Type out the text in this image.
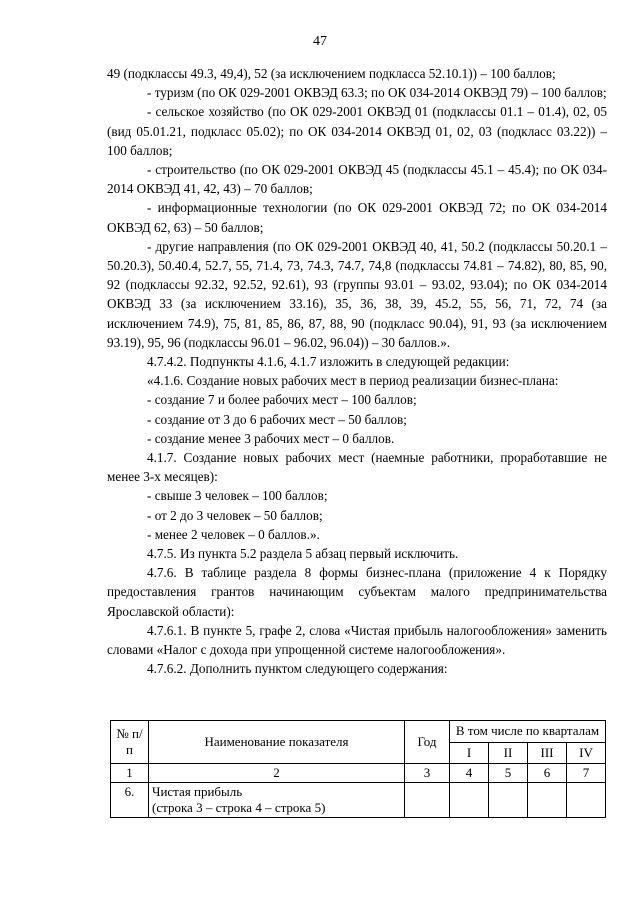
47

49 (подклассы 49.3, 49,4), 52 (за исключением подкласса 52.10.1)) – 100 баллов;

- туризм (по ОК 029-2001 ОКВЭД 63.3; по ОК 034-2014 ОКВЭД 79) – 100 баллов;

- сельское хозяйство (по ОК 029-2001 ОКВЭД 01 (подклассы 01.1 – 01.4), 02, 05 (вид 05.01.21, подкласс 05.02); по ОК 034-2014 ОКВЭД 01, 02, 03 (подкласс 03.22)) – 100 баллов;

- строительство (по ОК 029-2001 ОКВЭД 45 (подклассы 45.1 – 45.4); по ОК 034-2014 ОКВЭД 41, 42, 43) – 70 баллов;

- информационные технологии (по ОК 029-2001 ОКВЭД 72; по ОК 034-2014 ОКВЭД 62, 63) – 50 баллов;

- другие направления (по ОК 029-2001 ОКВЭД 40, 41, 50.2 (подклассы 50.20.1 – 50.20.3), 50.40.4, 52.7, 55, 71.4, 73, 74.3, 74.7, 74,8 (подклассы 74.81 – 74.82), 80, 85, 90, 92 (подклассы 92.32, 92.52, 92.61), 93 (группы 93.01 – 93.02, 93.04); по ОК 034-2014 ОКВЭД 33 (за исключением 33.16), 35, 36, 38, 39, 45.2, 55, 56, 71, 72, 74 (за исключением 74.9), 75, 81, 85, 86, 87, 88, 90 (подкласс 90.04), 91, 93 (за исключением 93.19), 95, 96 (подклассы 96.01 – 96.02, 96.04)) – 30 баллов.».

4.7.4.2. Подпункты 4.1.6, 4.1.7 изложить в следующей редакции:

«4.1.6. Создание новых рабочих мест в период реализации бизнес-плана:

- создание 7 и более рабочих мест – 100 баллов;

- создание от 3 до 6 рабочих мест – 50 баллов;

- создание менее 3 рабочих мест – 0 баллов.

4.1.7. Создание новых рабочих мест (наемные работники, проработавшие не менее 3-х месяцев):

- свыше 3 человек – 100 баллов;

- от 2 до 3 человек – 50 баллов;

- менее 2 человек – 0 баллов.».

4.7.5. Из пункта 5.2 раздела 5 абзац первый исключить.

4.7.6. В таблице раздела 8 формы бизнес-плана (приложение 4 к Порядку предоставления грантов начинающим субъектам малого предпринимательства Ярославской области):

4.7.6.1. В пункте 5, графе 2, слова «Чистая прибыль налогообложения» заменить словами «Налог с дохода при упрощенной системе налогообложения».

4.7.6.2. Дополнить пунктом следующего содержания:

№ п/п	Наименование показателя	Год	В том числе по кварталам			
			I	II	III	IV
1	2	3	4	5	6	7
6.	Чистая прибыль
(строка 3 – строка 4 – строка 5)					
